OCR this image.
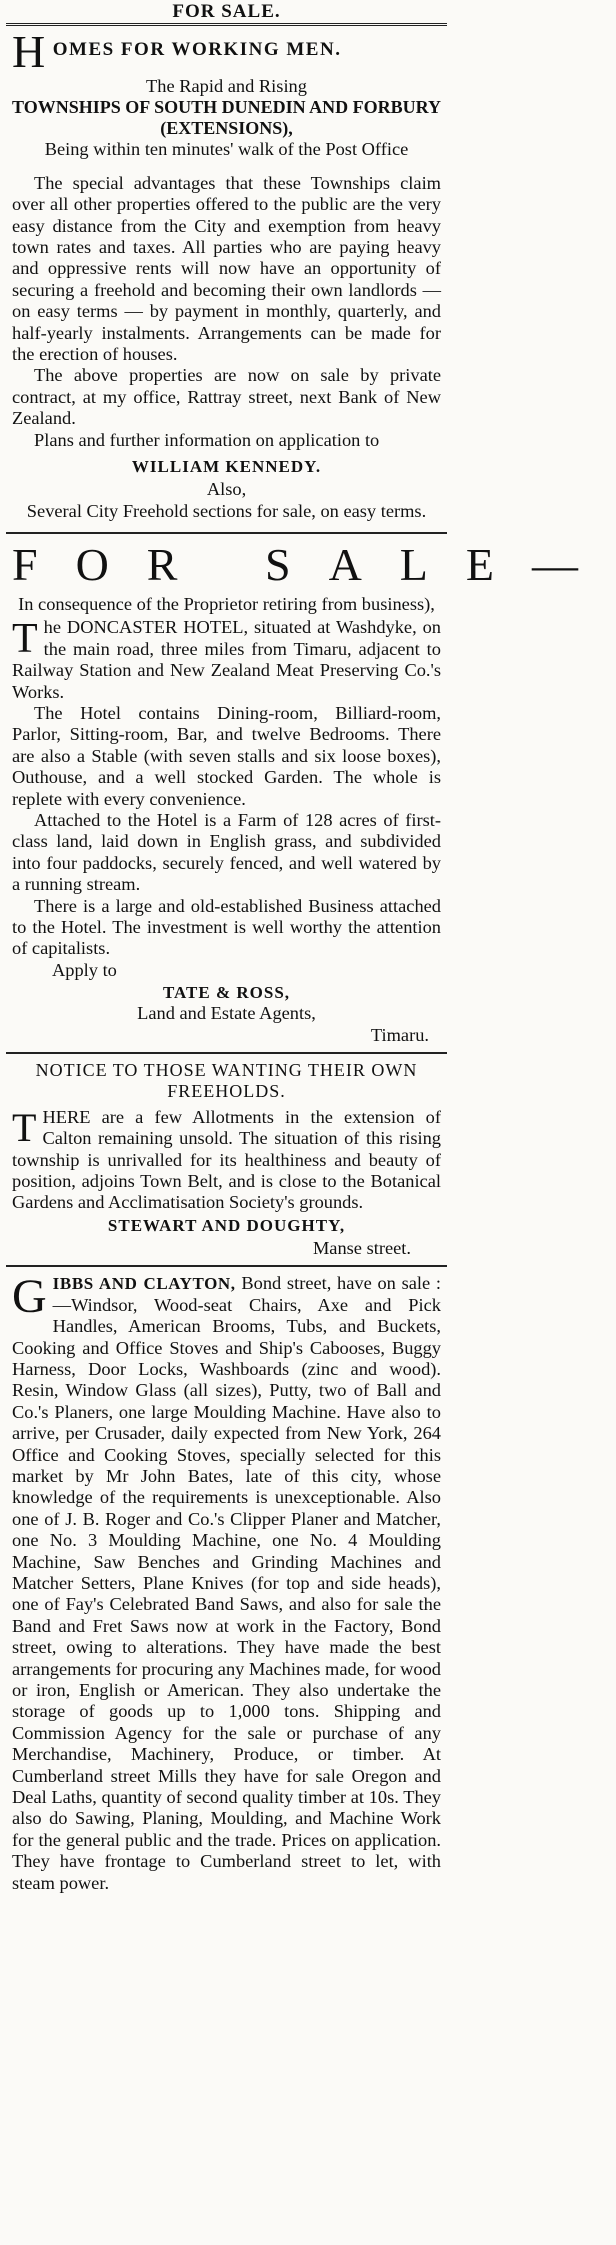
FOR SALE.
H OMES FOR WORKING MEN.

The Rapid and Rising

TOWNSHIPS OF SOUTH DUNEDIN AND FORBURY (EXTENSIONS),

Being within ten minutes' walk of the Post Office

The special advantages that these Townships claim over all other properties offered to the public are the very easy distance from the City and exemption from heavy town rates and taxes. All parties who are paying heavy and oppressive rents will now have an opportunity of securing a freehold and becoming their own landlords — on easy terms — by payment in monthly, quarterly, and half-yearly instalments. Arrangements can be made for the erection of houses.

The above properties are now on sale by private contract, at my office, Rattray street, next Bank of New Zealand.

Plans and further information on application to

WILLIAM KENNEDY.

Also,

Several City Freehold sections for sale, on easy terms.

FOR SALE—

In consequence of the Proprietor retiring from business),

T he DONCASTER HOTEL, situated at Washdyke, on the main road, three miles from Timaru, adjacent to Railway Station and New Zealand Meat Preserving Co.'s Works.

The Hotel contains Dining-room, Billiard-room, Parlor, Sitting-room, Bar, and twelve Bedrooms. There are also a Stable (with seven stalls and six loose boxes), Outhouse, and a well stocked Garden. The whole is replete with every convenience.

Attached to the Hotel is a Farm of 128 acres of first-class land, laid down in English grass, and subdivided into four paddocks, securely fenced, and well watered by a running stream.

There is a large and old-established Business attached to the Hotel. The investment is well worthy the attention of capitalists.

Apply to

TATE & ROSS,

Land and Estate Agents,

Timaru.

NOTICE TO THOSE WANTING THEIR OWN FREEHOLDS.

T HERE are a few Allotments in the extension of Calton remaining unsold. The situation of this rising township is unrivalled for its healthiness and beauty of position, adjoins Town Belt, and is close to the Botanical Gardens and Acclimatisation Society's grounds.

STEWART AND DOUGHTY,

Manse street.

G IBBS AND CLAYTON, Bond street, have on sale :—Windsor, Wood-seat Chairs, Axe and Pick Handles, American Brooms, Tubs, and Buckets, Cooking and Office Stoves and Ship's Cabooses, Buggy Harness, Door Locks, Washboards (zinc and wood). Resin, Window Glass (all sizes), Putty, two of Ball and Co.'s Planers, one large Moulding Machine. Have also to arrive, per Crusader, daily expected from New York, 264 Office and Cooking Stoves, specially selected for this market by Mr John Bates, late of this city, whose knowledge of the requirements is unexceptionable. Also one of J. B. Roger and Co.'s Clipper Planer and Matcher, one No. 3 Moulding Machine, one No. 4 Moulding Machine, Saw Benches and Grinding Machines and Matcher Setters, Plane Knives (for top and side heads), one of Fay's Celebrated Band Saws, and also for sale the Band and Fret Saws now at work in the Factory, Bond street, owing to alterations. They have made the best arrangements for procuring any Machines made, for wood or iron, English or American. They also undertake the storage of goods up to 1,000 tons. Shipping and Commission Agency for the sale or purchase of any Merchandise, Machinery, Produce, or timber. At Cumberland street Mills they have for sale Oregon and Deal Laths, quantity of second quality timber at 10s. They also do Sawing, Planing, Moulding, and Machine Work for the general public and the trade. Prices on application. They have frontage to Cumberland street to let, with steam power.
